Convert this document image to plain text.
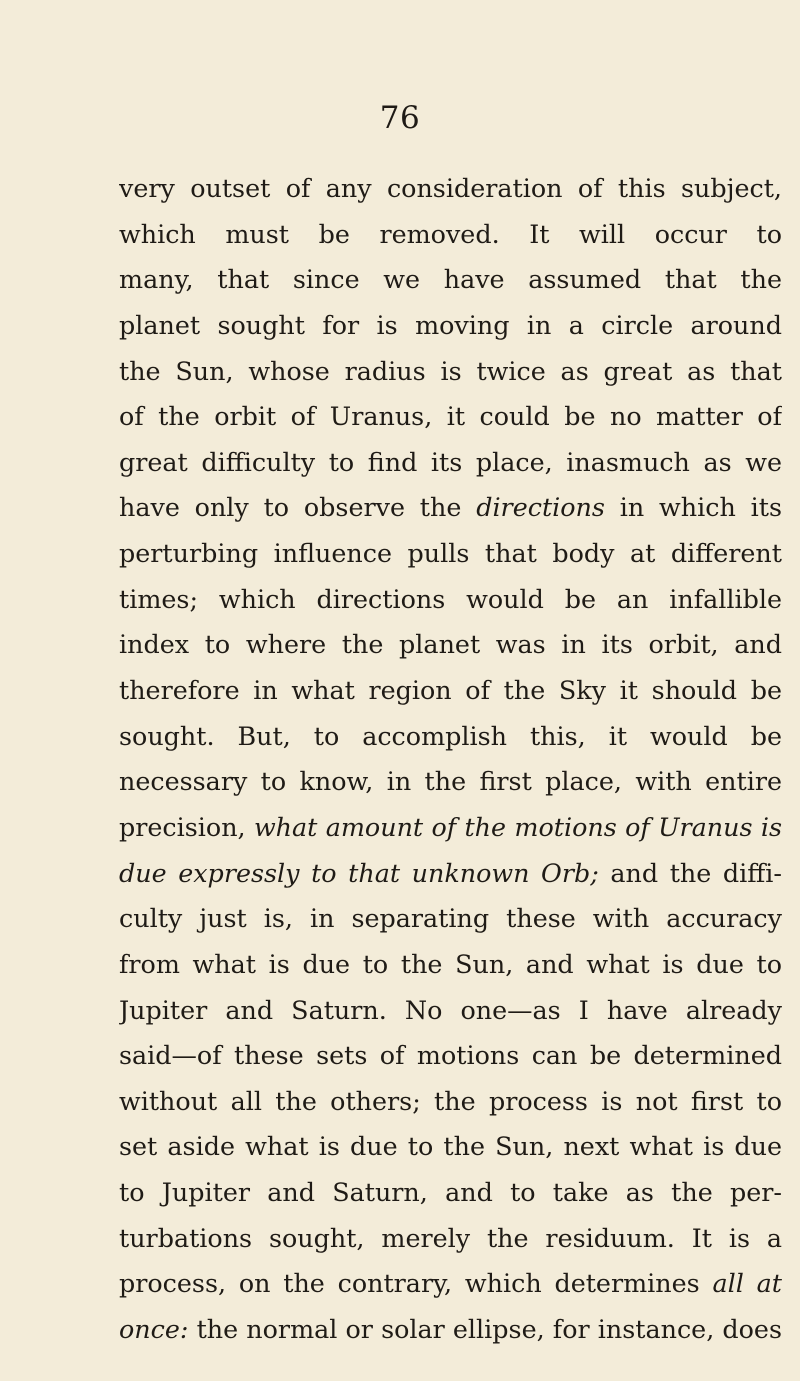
76
very outset of any consideration of this subject,
which must be removed. It will occur to
many, that since we have assumed that the
planet sought for is moving in a circle around
the Sun, whose radius is twice as great as that
of the orbit of Uranus, it could be no matter of
great difficulty to find its place, inasmuch as we
have only to observe the directions in which its
perturbing influence pulls that body at different
times; which directions would be an infallible
index to where the planet was in its orbit, and
therefore in what region of the Sky it should be
sought. But, to accomplish this, it would be
necessary to know, in the first place, with entire
precision, what amount of the motions of Uranus is
due expressly to that unknown Orb; and the diffi-
culty just is, in separating these with accuracy
from what is due to the Sun, and what is due to
Jupiter and Saturn. No one—as I have already
said—of these sets of motions can be determined
without all the others; the process is not first to
set aside what is due to the Sun, next what is due
to Jupiter and Saturn, and to take as the per-
turbations sought, merely the residuum. It is a
process, on the contrary, which determines all at
once: the normal or solar ellipse, for instance, does
